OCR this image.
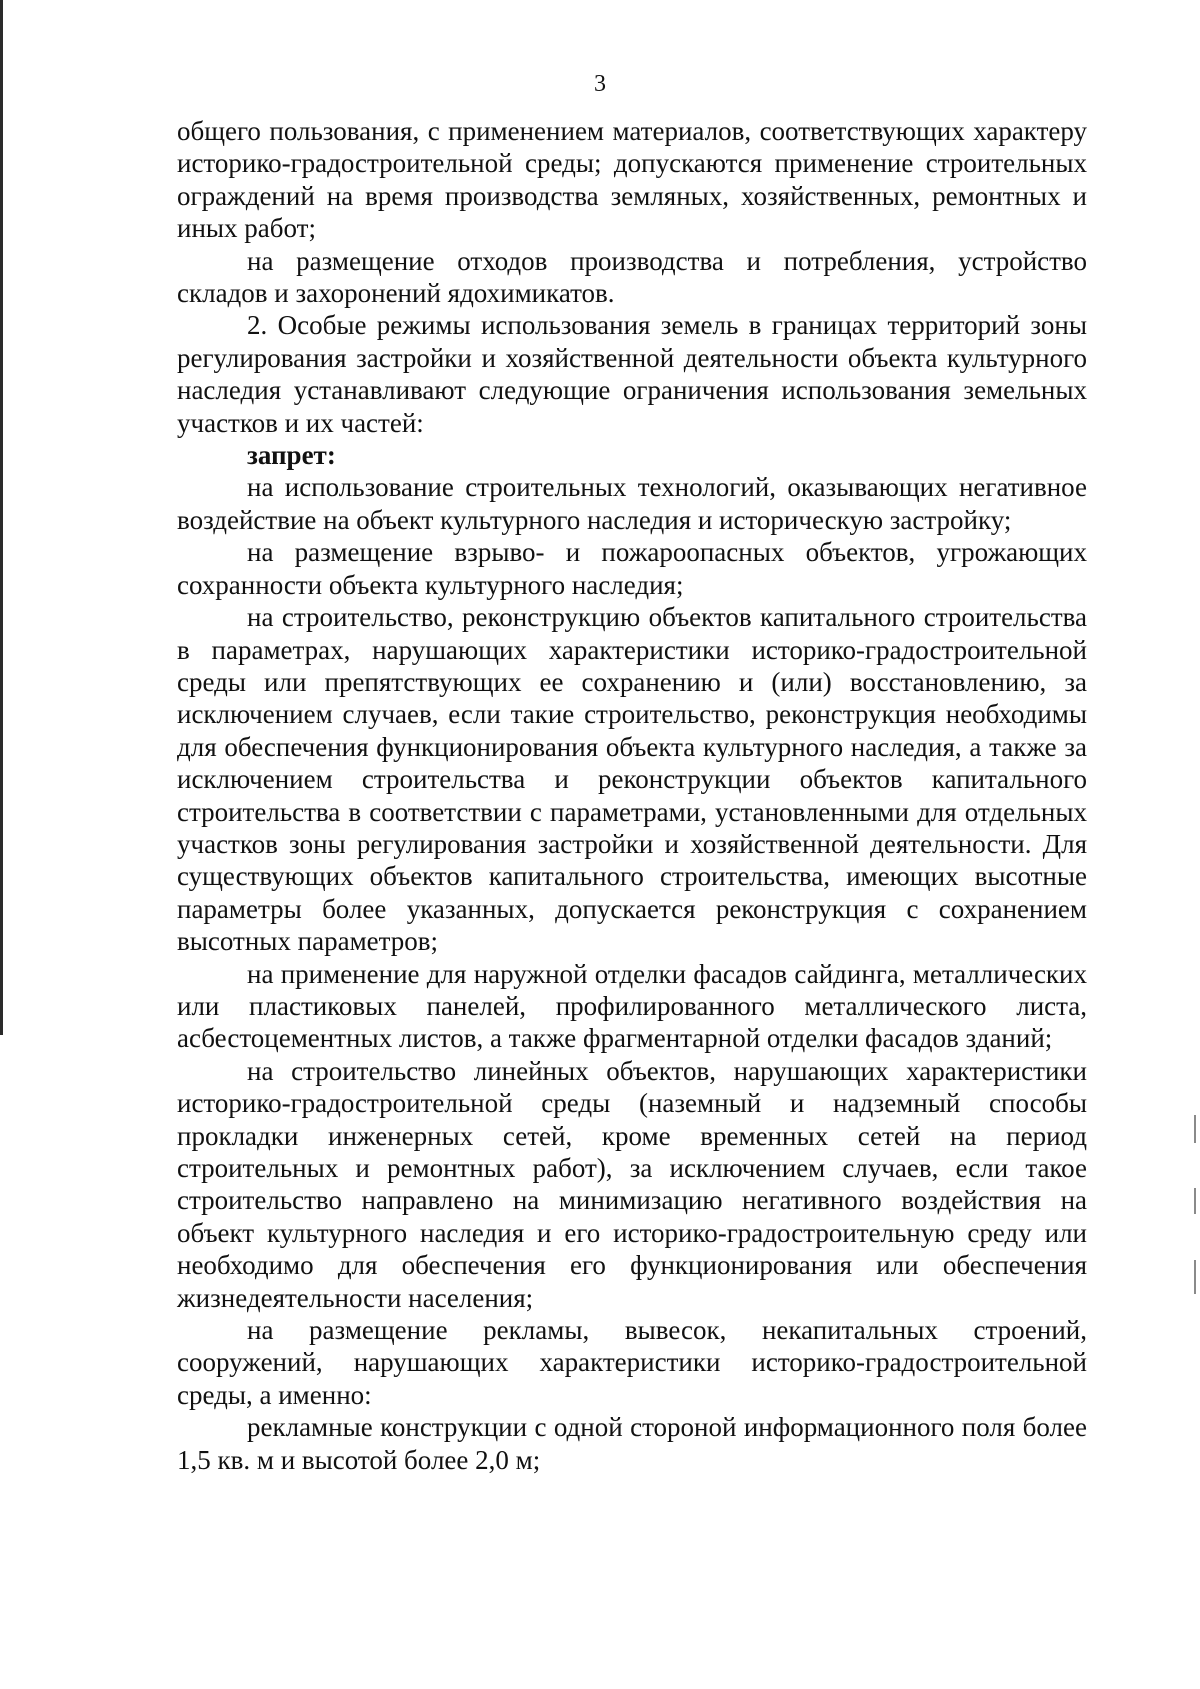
3

общего пользования, с применением материалов, соответствующих характеру историко-градостроительной среды; допускаются применение строительных ограждений на время производства земляных, хозяйственных, ремонтных и иных работ;

на размещение отходов производства и потребления, устройство складов и захоронений ядохимикатов.

2. Особые режимы использования земель в границах территорий зоны регулирования застройки и хозяйственной деятельности объекта культурного наследия устанавливают следующие ограничения использования земельных участков и их частей:

запрет:

на использование строительных технологий, оказывающих негативное воздействие на объект культурного наследия и историческую застройку;

на размещение взрыво- и пожароопасных объектов, угрожающих сохранности объекта культурного наследия;

на строительство, реконструкцию объектов капитального строительства в параметрах, нарушающих характеристики историко-градостроительной среды или препятствующих ее сохранению и (или) восстановлению, за исключением случаев, если такие строительство, реконструкция необходимы для обеспечения функционирования объекта культурного наследия, а также за исключением строительства и реконструкции объектов капитального строительства в соответствии с параметрами, установленными для отдельных участков зоны регулирования застройки и хозяйственной деятельности. Для существующих объектов капитального строительства, имеющих высотные параметры более указанных, допускается реконструкция с сохранением высотных параметров;

на применение для наружной отделки фасадов сайдинга, металлических или пластиковых панелей, профилированного металлического листа, асбестоцементных листов, а также фрагментарной отделки фасадов зданий;

на строительство линейных объектов, нарушающих характеристики историко-градостроительной среды (наземный и надземный способы прокладки инженерных сетей, кроме временных сетей на период строительных и ремонтных работ), за исключением случаев, если такое строительство направлено на минимизацию негативного воздействия на объект культурного наследия и его историко-градостроительную среду или необходимо для обеспечения его функционирования или обеспечения жизнедеятельности населения;

на размещение рекламы, вывесок, некапитальных строений, сооружений, нарушающих характеристики историко-градостроительной среды, а именно:

рекламные конструкции с одной стороной информационного поля более 1,5 кв. м и высотой более 2,0 м;
